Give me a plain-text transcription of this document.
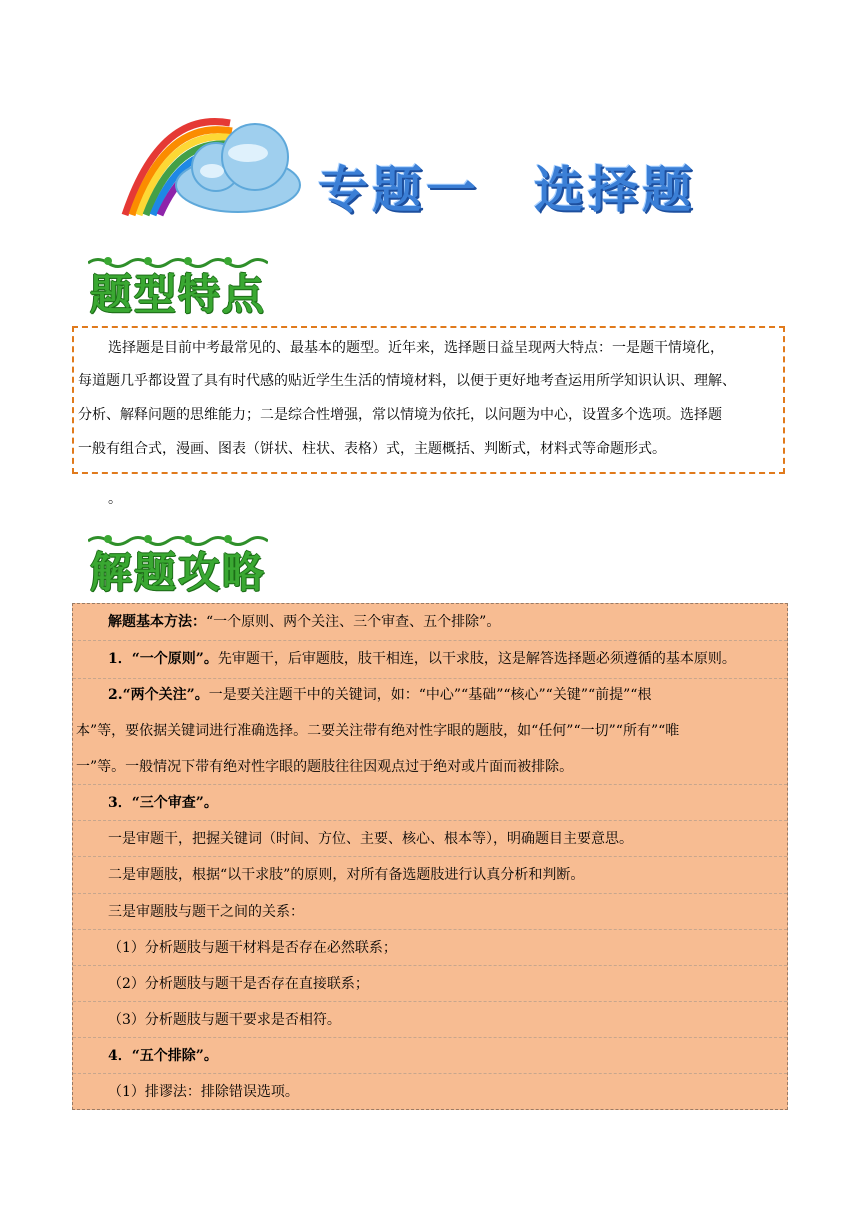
专题一　选择题
题型特点
选择题是目前中考最常见的、最基本的题型。近年来，选择题日益呈现两大特点：一是题干情境化，
每道题几乎都设置了具有时代感的贴近学生生活的情境材料，以便于更好地考查运用所学知识认识、理解、
分析、解释问题的思维能力；二是综合性增强，常以情境为依托，以问题为中心，设置多个选项。选择题
一般有组合式，漫画、图表（饼状、柱状、表格）式，主题概括、判断式，材料式等命题形式。
。
解题攻略
解题基本方法：“一个原则、两个关注、三个审查、五个排除”。
1．“一个原则”。先审题干，后审题肢，肢干相连，以干求肢，这是解答选择题必须遵循的基本原则。
2.“两个关注”。一是要关注题干中的关键词，如：“中心”“基础”“核心”“关键”“前提”“根
本”等，要依据关键词进行准确选择。二要关注带有绝对性字眼的题肢，如“任何”“一切”“所有”“唯
一”等。一般情况下带有绝对性字眼的题肢往往因观点过于绝对或片面而被排除。
3．“三个审查”。
一是审题干，把握关键词（时间、方位、主要、核心、根本等），明确题目主要意思。
二是审题肢，根据“以干求肢”的原则，对所有备选题肢进行认真分析和判断。
三是审题肢与题干之间的关系：
（1）分析题肢与题干材料是否存在必然联系；
（2）分析题肢与题干是否存在直接联系；
（3）分析题肢与题干要求是否相符。
4．“五个排除”。
（1）排谬法：排除错误选项。
